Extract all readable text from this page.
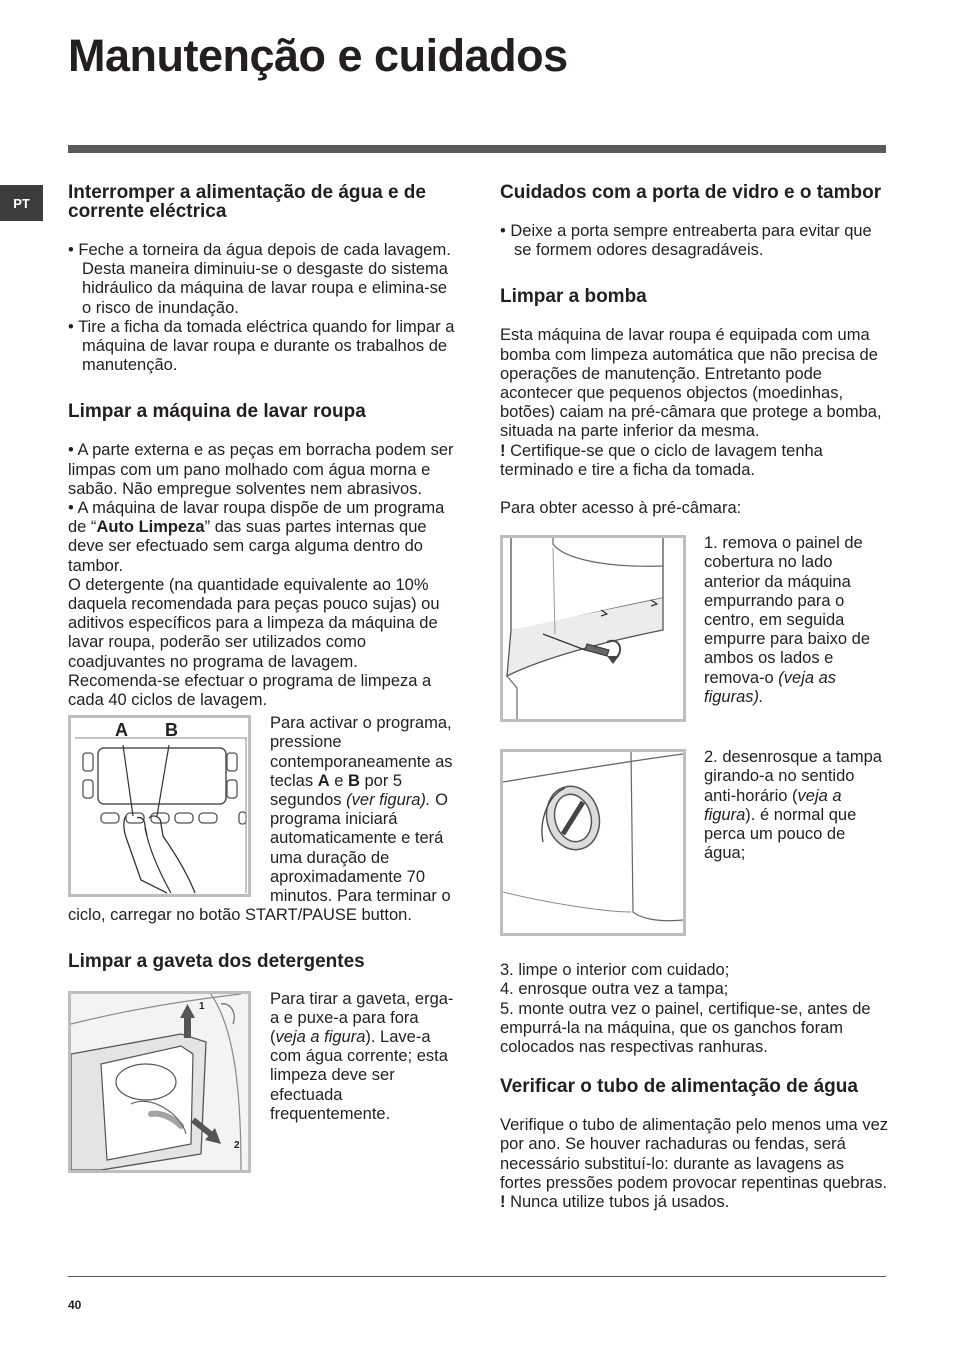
Manutenção e cuidados
PT	Interromper a alimentação de água e de corrente eléctrica

• Feche a torneira da água depois de cada lavagem. Desta maneira diminuiu-se o desgaste do sistema hidráulico da máquina de lavar roupa e elimina-se o risco de inundação.

• Tire a ficha da tomada eléctrica quando for limpar a máquina de lavar roupa e durante os trabalhos de manutenção.

Limpar a máquina de lavar roupa

• A parte externa e as peças em borracha podem ser limpas com um pano molhado com água morna e sabão. Não empregue solventes nem abrasivos.

• A máquina de lavar roupa dispõe de um programa de “Auto Limpeza” das suas partes internas que deve ser efectuado sem carga alguma dentro do tambor.

O detergente (na quantidade equivalente ao 10% daquela recomendada para peças pouco sujas) ou aditivos específicos para a limpeza da máquina de lavar roupa, poderão ser utilizados como coadjuvantes no programa de lavagem. Recomenda-se efectuar o programa de limpeza a cada 40 ciclos de lavagem.

A B	Para activar o programa, pressione contemporaneamente as teclas A e B por 5 segundos (ver figura). O programa iniciará automaticamente e terá uma duração de aproximadamente 70 minutos. Para terminar o ciclo, carregar no botão START/PAUSE button.

Limpar a gaveta dos detergentes
1
2

Para tirar a gaveta, erga-a e puxe-a para fora (veja a figura). Lave-a com água corrente; esta limpeza deve ser efectuada frequentemente.

Cuidados com a porta de vidro e o tambor

• Deixe a porta sempre entreaberta para evitar que se formem odores desagradáveis.

Limpar a bomba

Esta máquina de lavar roupa é equipada com uma bomba com limpeza automática que não precisa de operações de manutenção. Entretanto pode acontecer que pequenos objectos (moedinhas, botões) caiam na pré-câmara que protege a bomba, situada na parte inferior da mesma.

! Certifique-se que o ciclo de lavagem tenha terminado e tire a ficha da tomada.

Para obter acesso à pré-câmara:

1. remova o painel de cobertura no lado anterior da máquina empurrando para o centro, em seguida empurre para baixo de ambos os lados e remova-o (veja as figuras).

2. desenrosque a tampa girando-a no sentido anti-horário (veja a figura). é normal que perca um pouco de água;

3. limpe o interior com cuidado;

4. enrosque outra vez a tampa;

5. monte outra vez o painel, certifique-se, antes de empurrá-la na máquina, que os ganchos foram colocados nas respectivas ranhuras.

Verificar o tubo de alimentação de água

Verifique o tubo de alimentação pelo menos uma vez por ano. Se houver rachaduras ou fendas, será necessário substituí-lo: durante as lavagens as fortes pressões podem provocar repentinas quebras.

! Nunca utilize tubos já usados.

40
